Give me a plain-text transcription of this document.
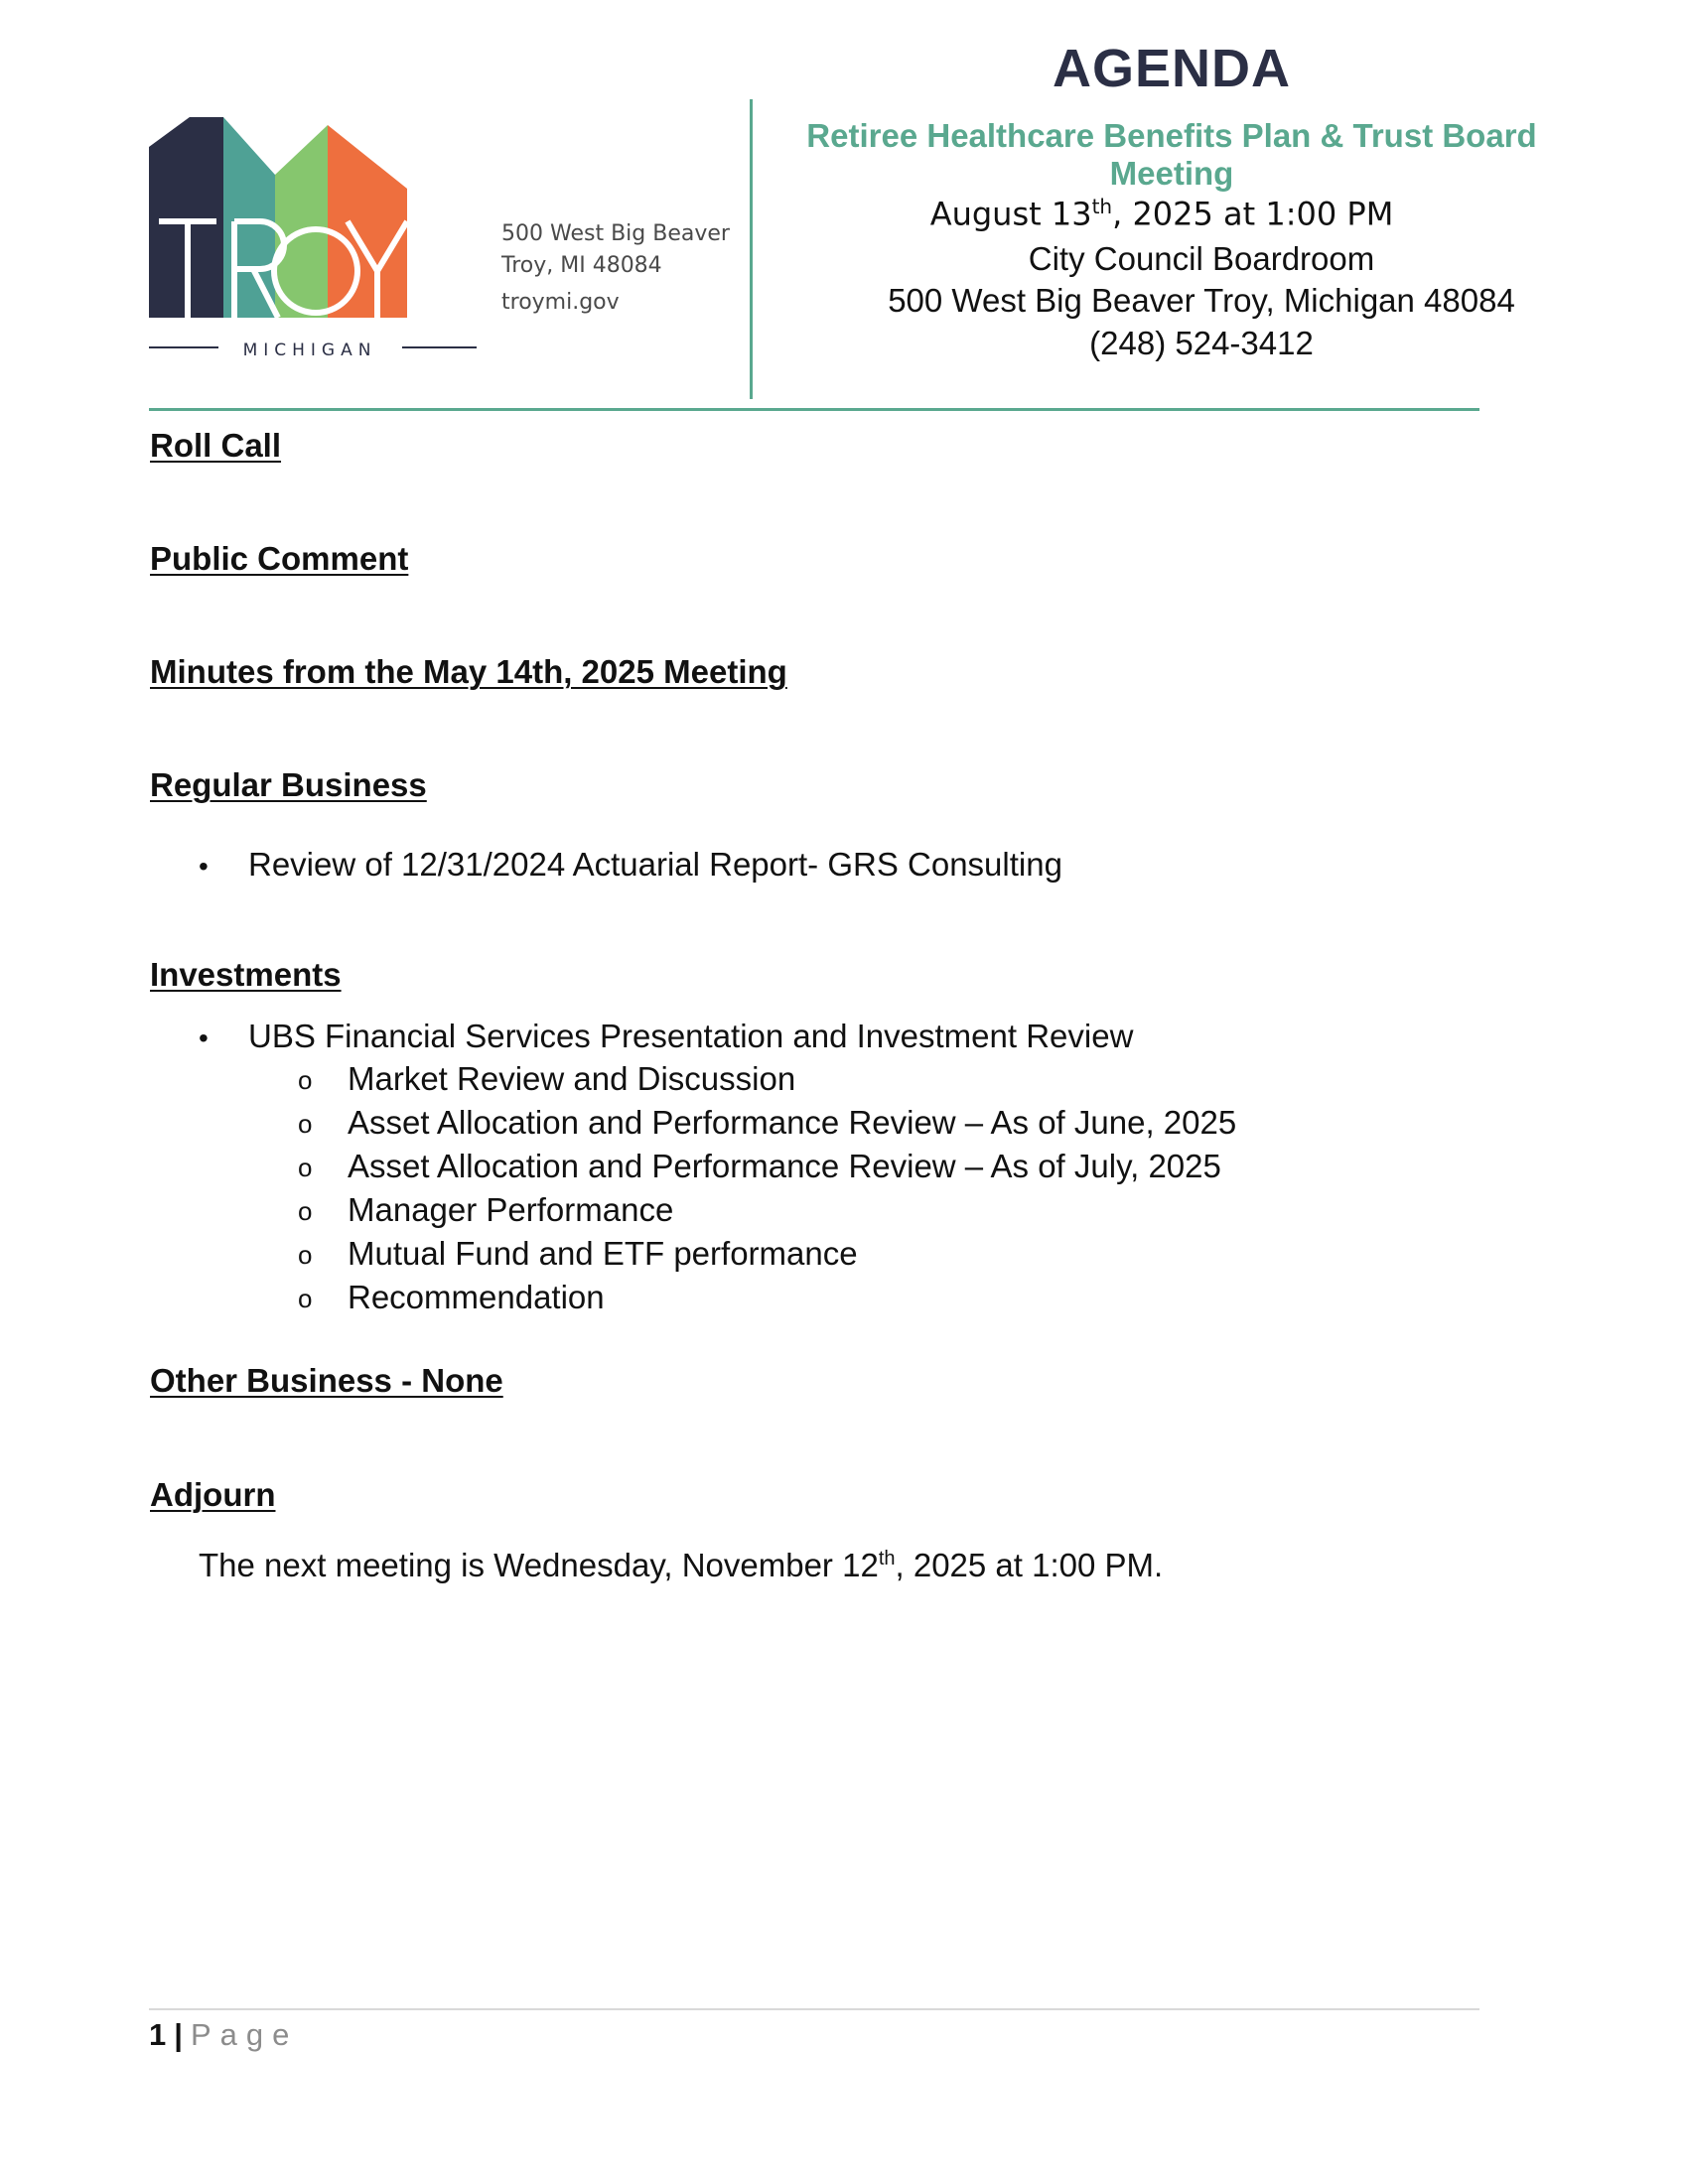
MICHIGAN
500 West Big Beaver
Troy, MI 48084
troymi.gov
AGENDA
Retiree Healthcare Benefits Plan & Trust Board
Meeting
August 13th, 2025 at 1:00 PM
City Council Boardroom
500 West Big Beaver Troy, Michigan 48084
(248) 524-3412
Roll Call
Public Comment
Minutes from the May 14th, 2025 Meeting
Regular Business
• Review of 12/31/2024 Actuarial Report- GRS Consulting
Investments
• UBS Financial Services Presentation and Investment Review
o Market Review and Discussion
o Asset Allocation and Performance Review – As of June, 2025
o Asset Allocation and Performance Review – As of July, 2025
o Manager Performance
o Mutual Fund and ETF performance
o Recommendation
Other Business - None
Adjourn
The next meeting is Wednesday, November 12th, 2025 at 1:00 PM.
1 | Page
